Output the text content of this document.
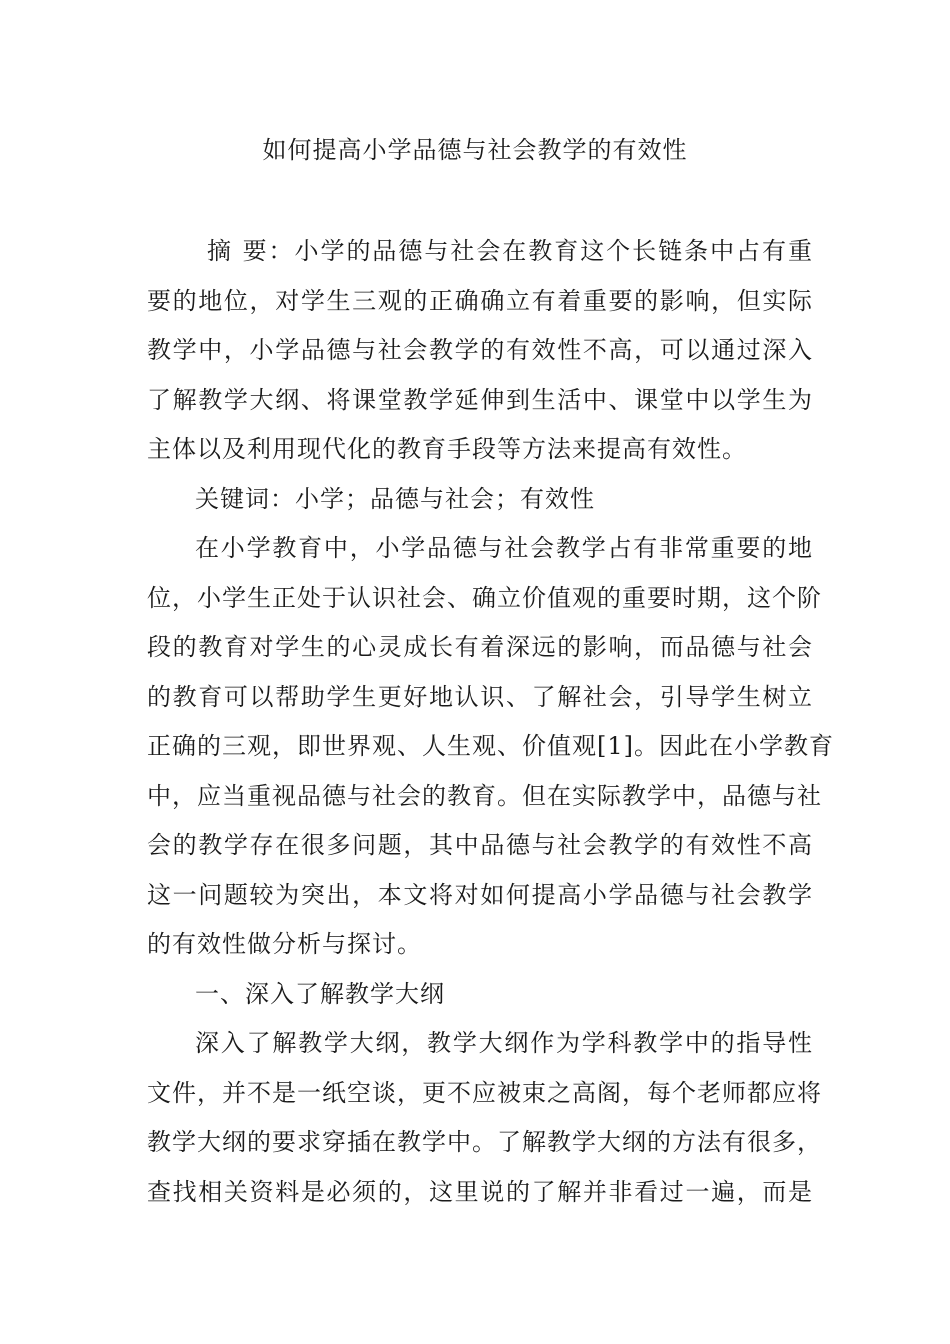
如何提高小学品德与社会教学的有效性
摘 要：小学的品德与社会在教育这个长链条中占有重
要的地位，对学生三观的正确确立有着重要的影响，但实际
教学中，小学品德与社会教学的有效性不高，可以通过深入
了解教学大纲、将课堂教学延伸到生活中、课堂中以学生为
主体以及利用现代化的教育手段等方法来提高有效性。
关键词：小学；品德与社会；有效性
在小学教育中，小学品德与社会教学占有非常重要的地
位，小学生正处于认识社会、确立价值观的重要时期，这个阶
段的教育对学生的心灵成长有着深远的影响，而品德与社会
的教育可以帮助学生更好地认识、了解社会，引导学生树立
正确的三观，即世界观、人生观、价值观[1]。因此在小学教育
中，应当重视品德与社会的教育。但在实际教学中，品德与社
会的教学存在很多问题，其中品德与社会教学的有效性不高
这一问题较为突出，本文将对如何提高小学品德与社会教学
的有效性做分析与探讨。
一、深入了解教学大纲
深入了解教学大纲，教学大纲作为学科教学中的指导性
文件，并不是一纸空谈，更不应被束之高阁，每个老师都应将
教学大纲的要求穿插在教学中。了解教学大纲的方法有很多，
查找相关资料是必须的，这里说的了解并非看过一遍，而是
